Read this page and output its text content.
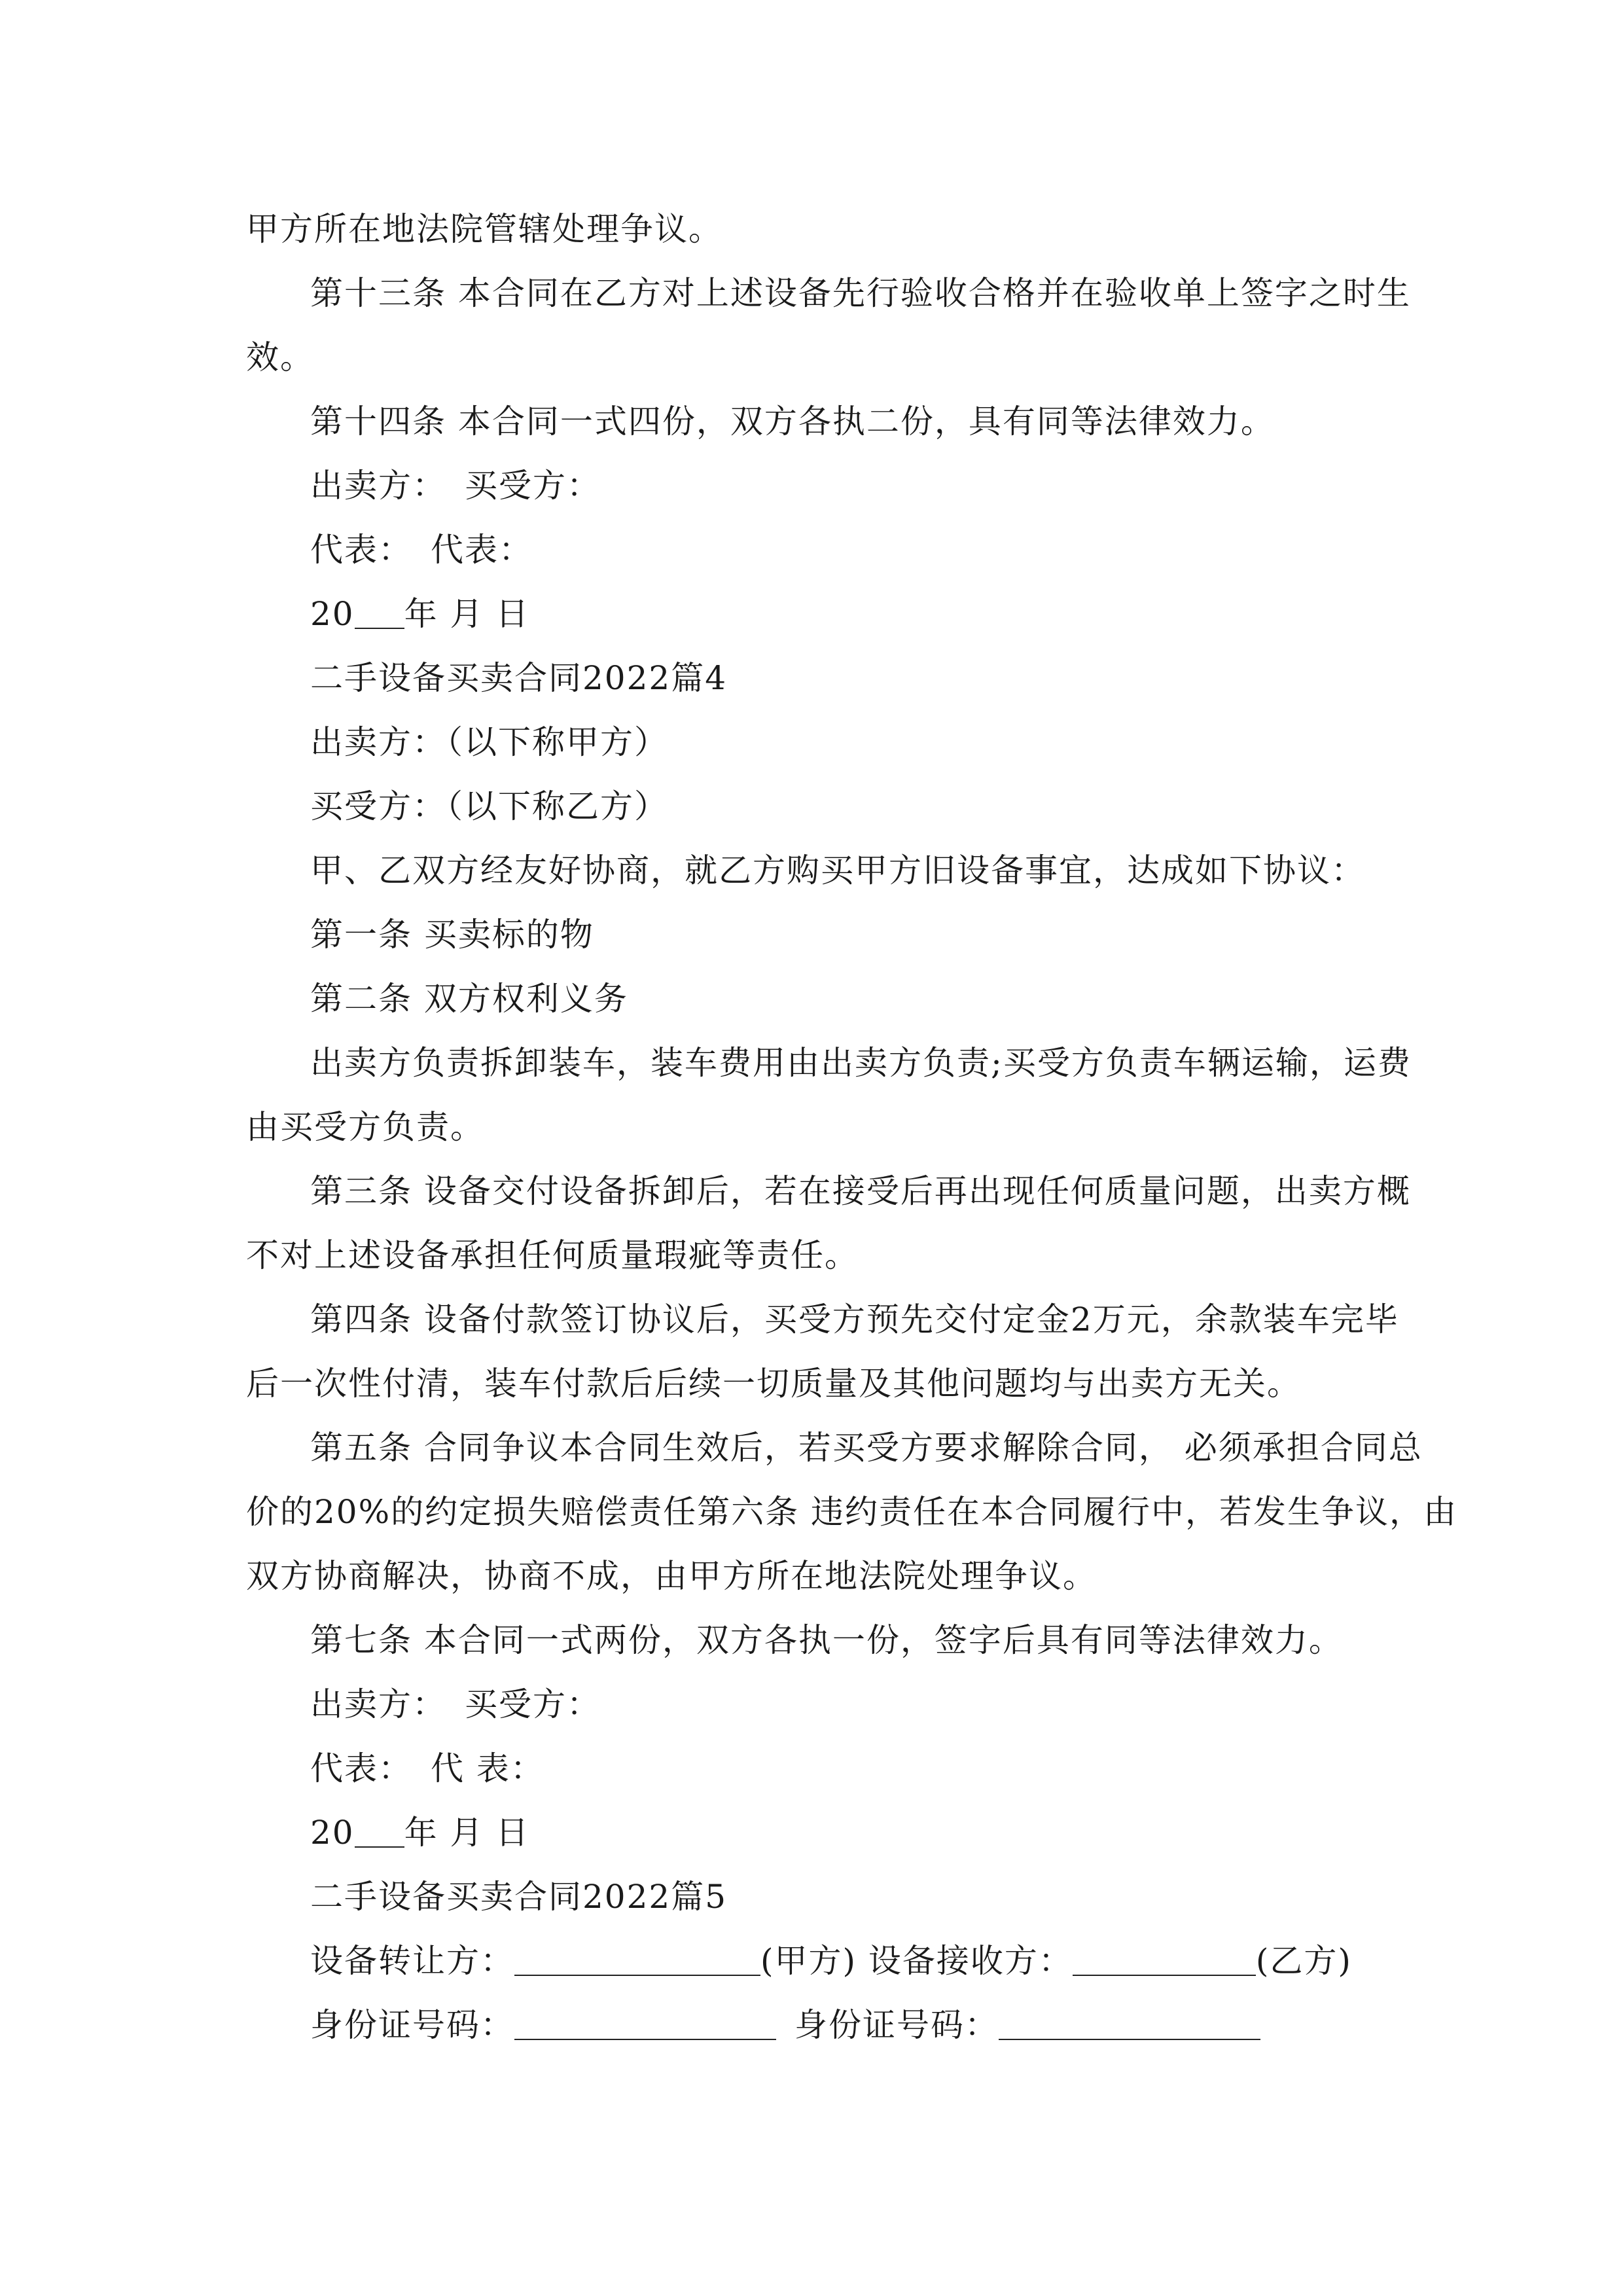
甲方所在地法院管辖处理争议。
第十三条 本合同在乙方对上述设备先行验收合格并在验收单上签字之时生
效。
第十四条 本合同一式四份，双方各执二份，具有同等法律效力。
出卖方： 买受方：
代表： 代表：
20 年 月 日
二手设备买卖合同2022篇4
出卖方：（以下称甲方）
买受方：（以下称乙方）
甲、乙双方经友好协商，就乙方购买甲方旧设备事宜，达成如下协议：
第一条 买卖标的物
第二条 双方权利义务
出卖方负责拆卸装车，装车费用由出卖方负责;买受方负责车辆运输，运费
由买受方负责。
第三条 设备交付设备拆卸后，若在接受后再出现任何质量问题，出卖方概
不对上述设备承担任何质量瑕疵等责任。
第四条 设备付款签订协议后，买受方预先交付定金2万元，余款装车完毕
后一次性付清，装车付款后后续一切质量及其他问题均与出卖方无关。
第五条 合同争议本合同生效后，若买受方要求解除合同， 必须承担合同总
价的20%的约定损失赔偿责任第六条 违约责任在本合同履行中，若发生争议，由
双方协商解决，协商不成，由甲方所在地法院处理争议。
第七条 本合同一式两份，双方各执一份，签字后具有同等法律效力。
出卖方： 买受方：
代表： 代 表：
20 年 月 日
二手设备买卖合同2022篇5
设备转让方：	(甲方) 设备接收方：	(乙方)
身份证号码：	身份证号码：
